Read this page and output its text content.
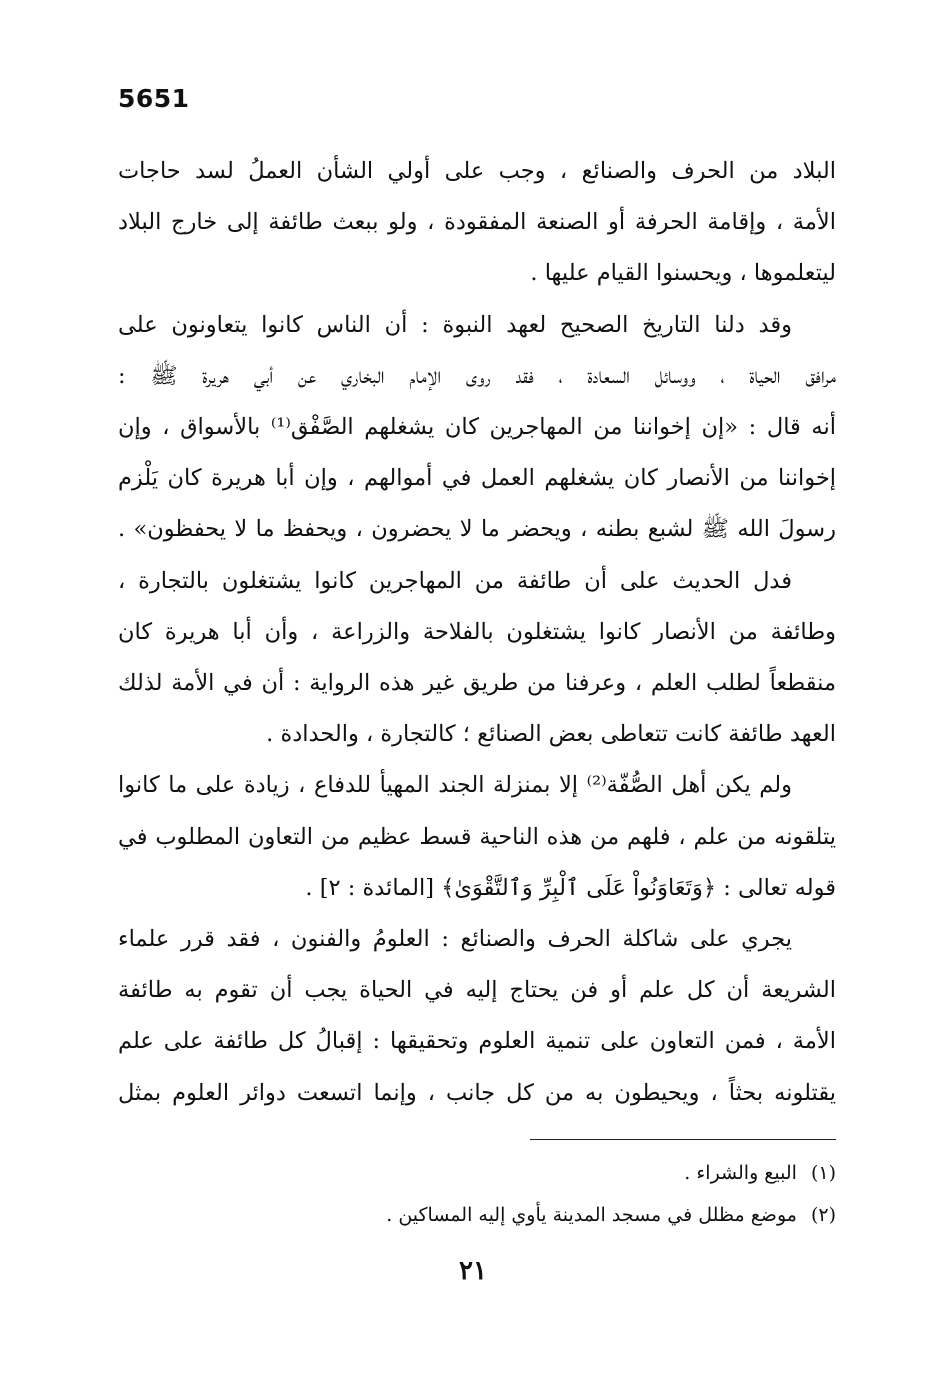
5651

البلاد من الحرف والصنائع ، وجب على أولي الشأن العملُ لسد حاجات
الأمة ، وإقامة الحرفة أو الصنعة المفقودة ، ولو ببعث طائفة إلى خارج البلاد
ليتعلموها ، ويحسنوا القيام عليها .

وقد دلنا التاريخ الصحيح لعهد النبوة : أن الناس كانوا يتعاونون على
مرافق الحياة ، ووسائل السعادة ، فقد روى الإمام البخاري عن أبي هريرة ﷺ :
أنه قال : «إن إخواننا من المهاجرين كان يشغلهم الصَّفْق⁽¹⁾ بالأسواق ، وإن
إخواننا من الأنصار كان يشغلهم العمل في أموالهم ، وإن أبا هريرة كان يَلْزم
رسولَ الله ﷺ لشبع بطنه ، ويحضر ما لا يحضرون ، ويحفظ ما لا يحفظون» .

فدل الحديث على أن طائفة من المهاجرين كانوا يشتغلون بالتجارة ،
وطائفة من الأنصار كانوا يشتغلون بالفلاحة والزراعة ، وأن أبا هريرة كان
منقطعاً لطلب العلم ، وعرفنا من طريق غير هذه الرواية : أن في الأمة لذلك
العهد طائفة كانت تتعاطى بعض الصنائع ؛ كالتجارة ، والحدادة .

ولم يكن أهل الصُّفّة⁽²⁾ إلا بمنزلة الجند المهيأ للدفاع ، زيادة على ما كانوا
يتلقونه من علم ، فلهم من هذه الناحية قسط عظيم من التعاون المطلوب في
قوله تعالى : ﴿وَتَعَاوَنُواْ عَلَى ٱلْبِرِّ وَٱلتَّقْوَىٰ﴾ [المائدة : ٢] .

يجري على شاكلة الحرف والصنائع : العلومُ والفنون ، فقد قرر علماء
الشريعة أن كل علم أو فن يحتاج إليه في الحياة يجب أن تقوم به طائفة
الأمة ، فمن التعاون على تنمية العلوم وتحقيقها : إقبالُ كل طائفة على علم
يقتلونه بحثاً ، ويحيطون به من كل جانب ، وإنما اتسعت دوائر العلوم بمثل

(١)البيع والشراء .

(٢)موضع مظلل في مسجد المدينة يأوي إليه المساكين .

٢١
